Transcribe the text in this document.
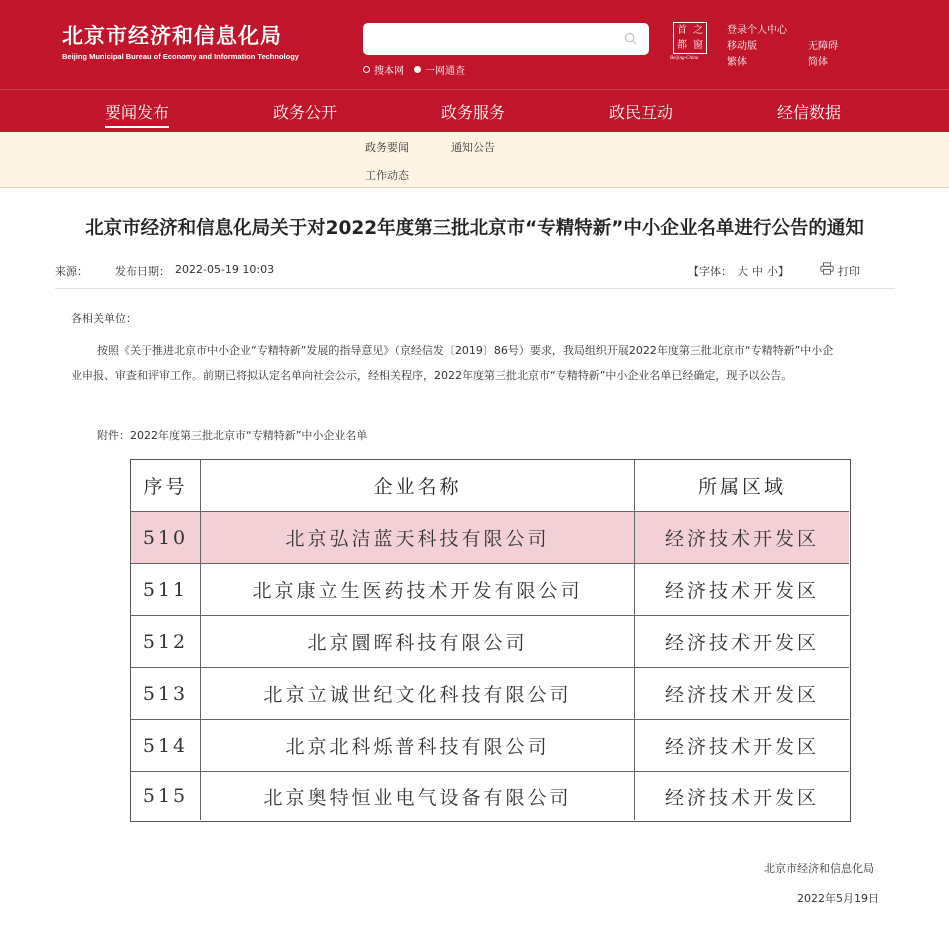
北京市经济和信息化局
Beijing Municipal Bureau of Economy and Information Technology
搜本网 一网通查
首 之
都 窗
Beijing-China
登录个人中心
移动版	无障碍
繁体	简体
要闻发布	政务公开	政务服务	政民互动	经信数据
政务要闻	通知公告
工作动态
北京市经济和信息化局关于对2022年度第三批北京市“专精特新”中小企业名单进行公告的通知
来源： 发布日期： 2022-05-19 10:03	【字体： 大 中 小 】	打印
各相关单位：
按照《关于推进北京市中小企业“专精特新”发展的指导意见》（京经信发〔2019〕86号）要求，我局组织开展2022年度第三批北京市“专精特新”中小企
业申报、审查和评审工作。前期已将拟认定名单向社会公示，经相关程序，2022年度第三批北京市“专精特新”中小企业名单已经确定，现予以公告。
附件：2022年度第三批北京市“专精特新”中小企业名单
序号	企业名称	所属区域
510	北京弘洁蓝天科技有限公司	经济技术开发区
511	北京康立生医药技术开发有限公司	经济技术开发区
512	北京圜晖科技有限公司	经济技术开发区
513	北京立诚世纪文化科技有限公司	经济技术开发区
514	北京北科烁普科技有限公司	经济技术开发区
515	北京奥特恒业电气设备有限公司	经济技术开发区
北京市经济和信息化局
2022年5月19日
